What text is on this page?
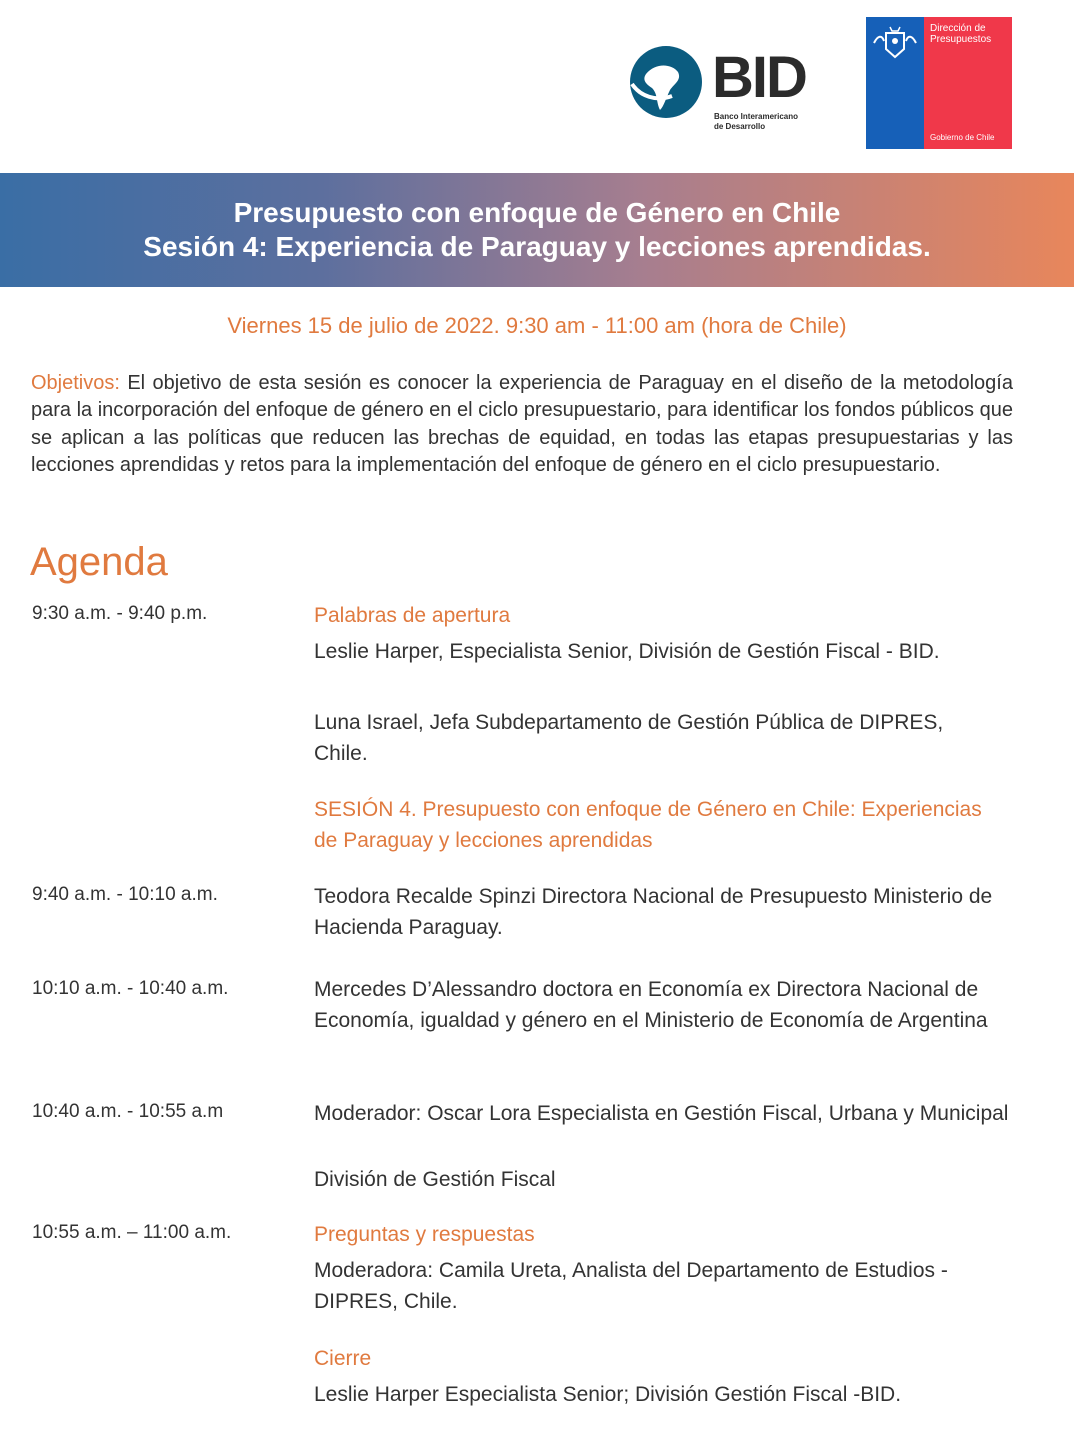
BID
Banco Interamericano
de Desarrollo
Dirección de
Presupuestos
Gobierno de Chile
Presupuesto con enfoque de Género en Chile
Sesión 4: Experiencia de Paraguay y lecciones aprendidas.
Viernes 15 de julio de 2022. 9:30 am - 11:00 am (hora de Chile)
Objetivos: El objetivo de esta sesión es conocer la experiencia de Paraguay en el diseño de la metodología para la incorporación del enfoque de género en el ciclo presupuestario, para identificar los fondos públicos que se aplican a las políticas que reducen las brechas de equidad, en todas las etapas presupuestarias y las lecciones aprendidas y retos para la implementación del enfoque de género en el ciclo presupuestario.
Agenda
9:30 a.m. - 9:40 p.m.	Palabras de apertura
Leslie Harper, Especialista Senior, División de Gestión Fiscal - BID.
Luna Israel, Jefa Subdepartamento de Gestión Pública de DIPRES, Chile.
SESIÓN 4. Presupuesto con enfoque de Género en Chile: Experiencias de Paraguay y lecciones aprendidas
9:40 a.m. - 10:10 a.m.	Teodora Recalde Spinzi Directora Nacional de Presupuesto Ministerio de Hacienda Paraguay.
10:10 a.m. - 10:40 a.m.	Mercedes D’Alessandro doctora en Economía ex Directora Nacional de Economía, igualdad y género en el Ministerio de Economía de Argentina
10:40 a.m. - 10:55 a.m	Moderador: Oscar Lora Especialista en Gestión Fiscal, Urbana y Municipal
División de Gestión Fiscal
10:55 a.m. – 11:00 a.m.	Preguntas y respuestas
Moderadora: Camila Ureta, Analista del Departamento de Estudios - DIPRES, Chile.
Cierre
Leslie Harper Especialista Senior; División Gestión Fiscal -BID.
